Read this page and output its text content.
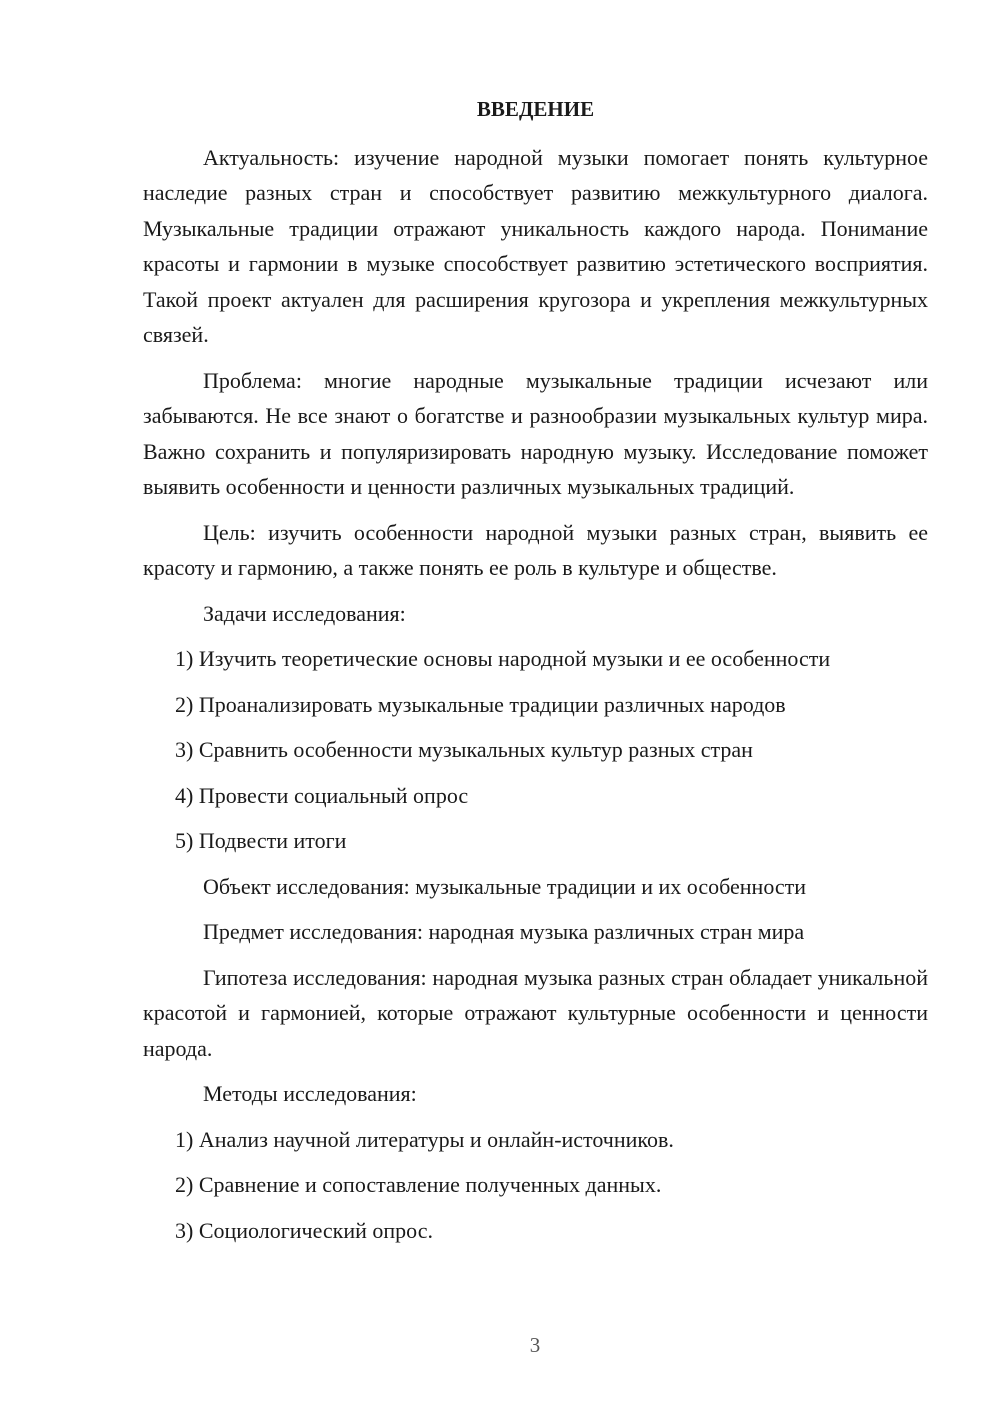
ВВЕДЕНИЕ

Актуальность: изучение народной музыки помогает понять культурное наследие разных стран и способствует развитию межкультурного диалога. Музыкальные традиции отражают уникальность каждого народа. Понимание красоты и гармонии в музыке способствует развитию эстетического восприятия. Такой проект актуален для расширения кругозора и укрепления межкультурных связей.

Проблема: многие народные музыкальные традиции исчезают или забываются. Не все знают о богатстве и разнообразии музыкальных культур мира. Важно сохранить и популяризировать народную музыку. Исследование поможет выявить особенности и ценности различных музыкальных традиций.

Цель: изучить особенности народной музыки разных стран, выявить ее красоту и гармонию, а также понять ее роль в культуре и обществе.

Задачи исследования:
1) Изучить теоретические основы народной музыки и ее особенности
2) Проанализировать музыкальные традиции различных народов
3) Сравнить особенности музыкальных культур разных стран
4) Провести социальный опрос
5) Подвести итоги
Объект исследования: музыкальные традиции и их особенности
Предмет исследования: народная музыка различных стран мира

Гипотеза исследования: народная музыка разных стран обладает уникальной красотой и гармонией, которые отражают культурные особенности и ценности народа.

Методы исследования:
1) Анализ научной литературы и онлайн-источников.
2) Сравнение и сопоставление полученных данных.
3) Социологический опрос.
3
